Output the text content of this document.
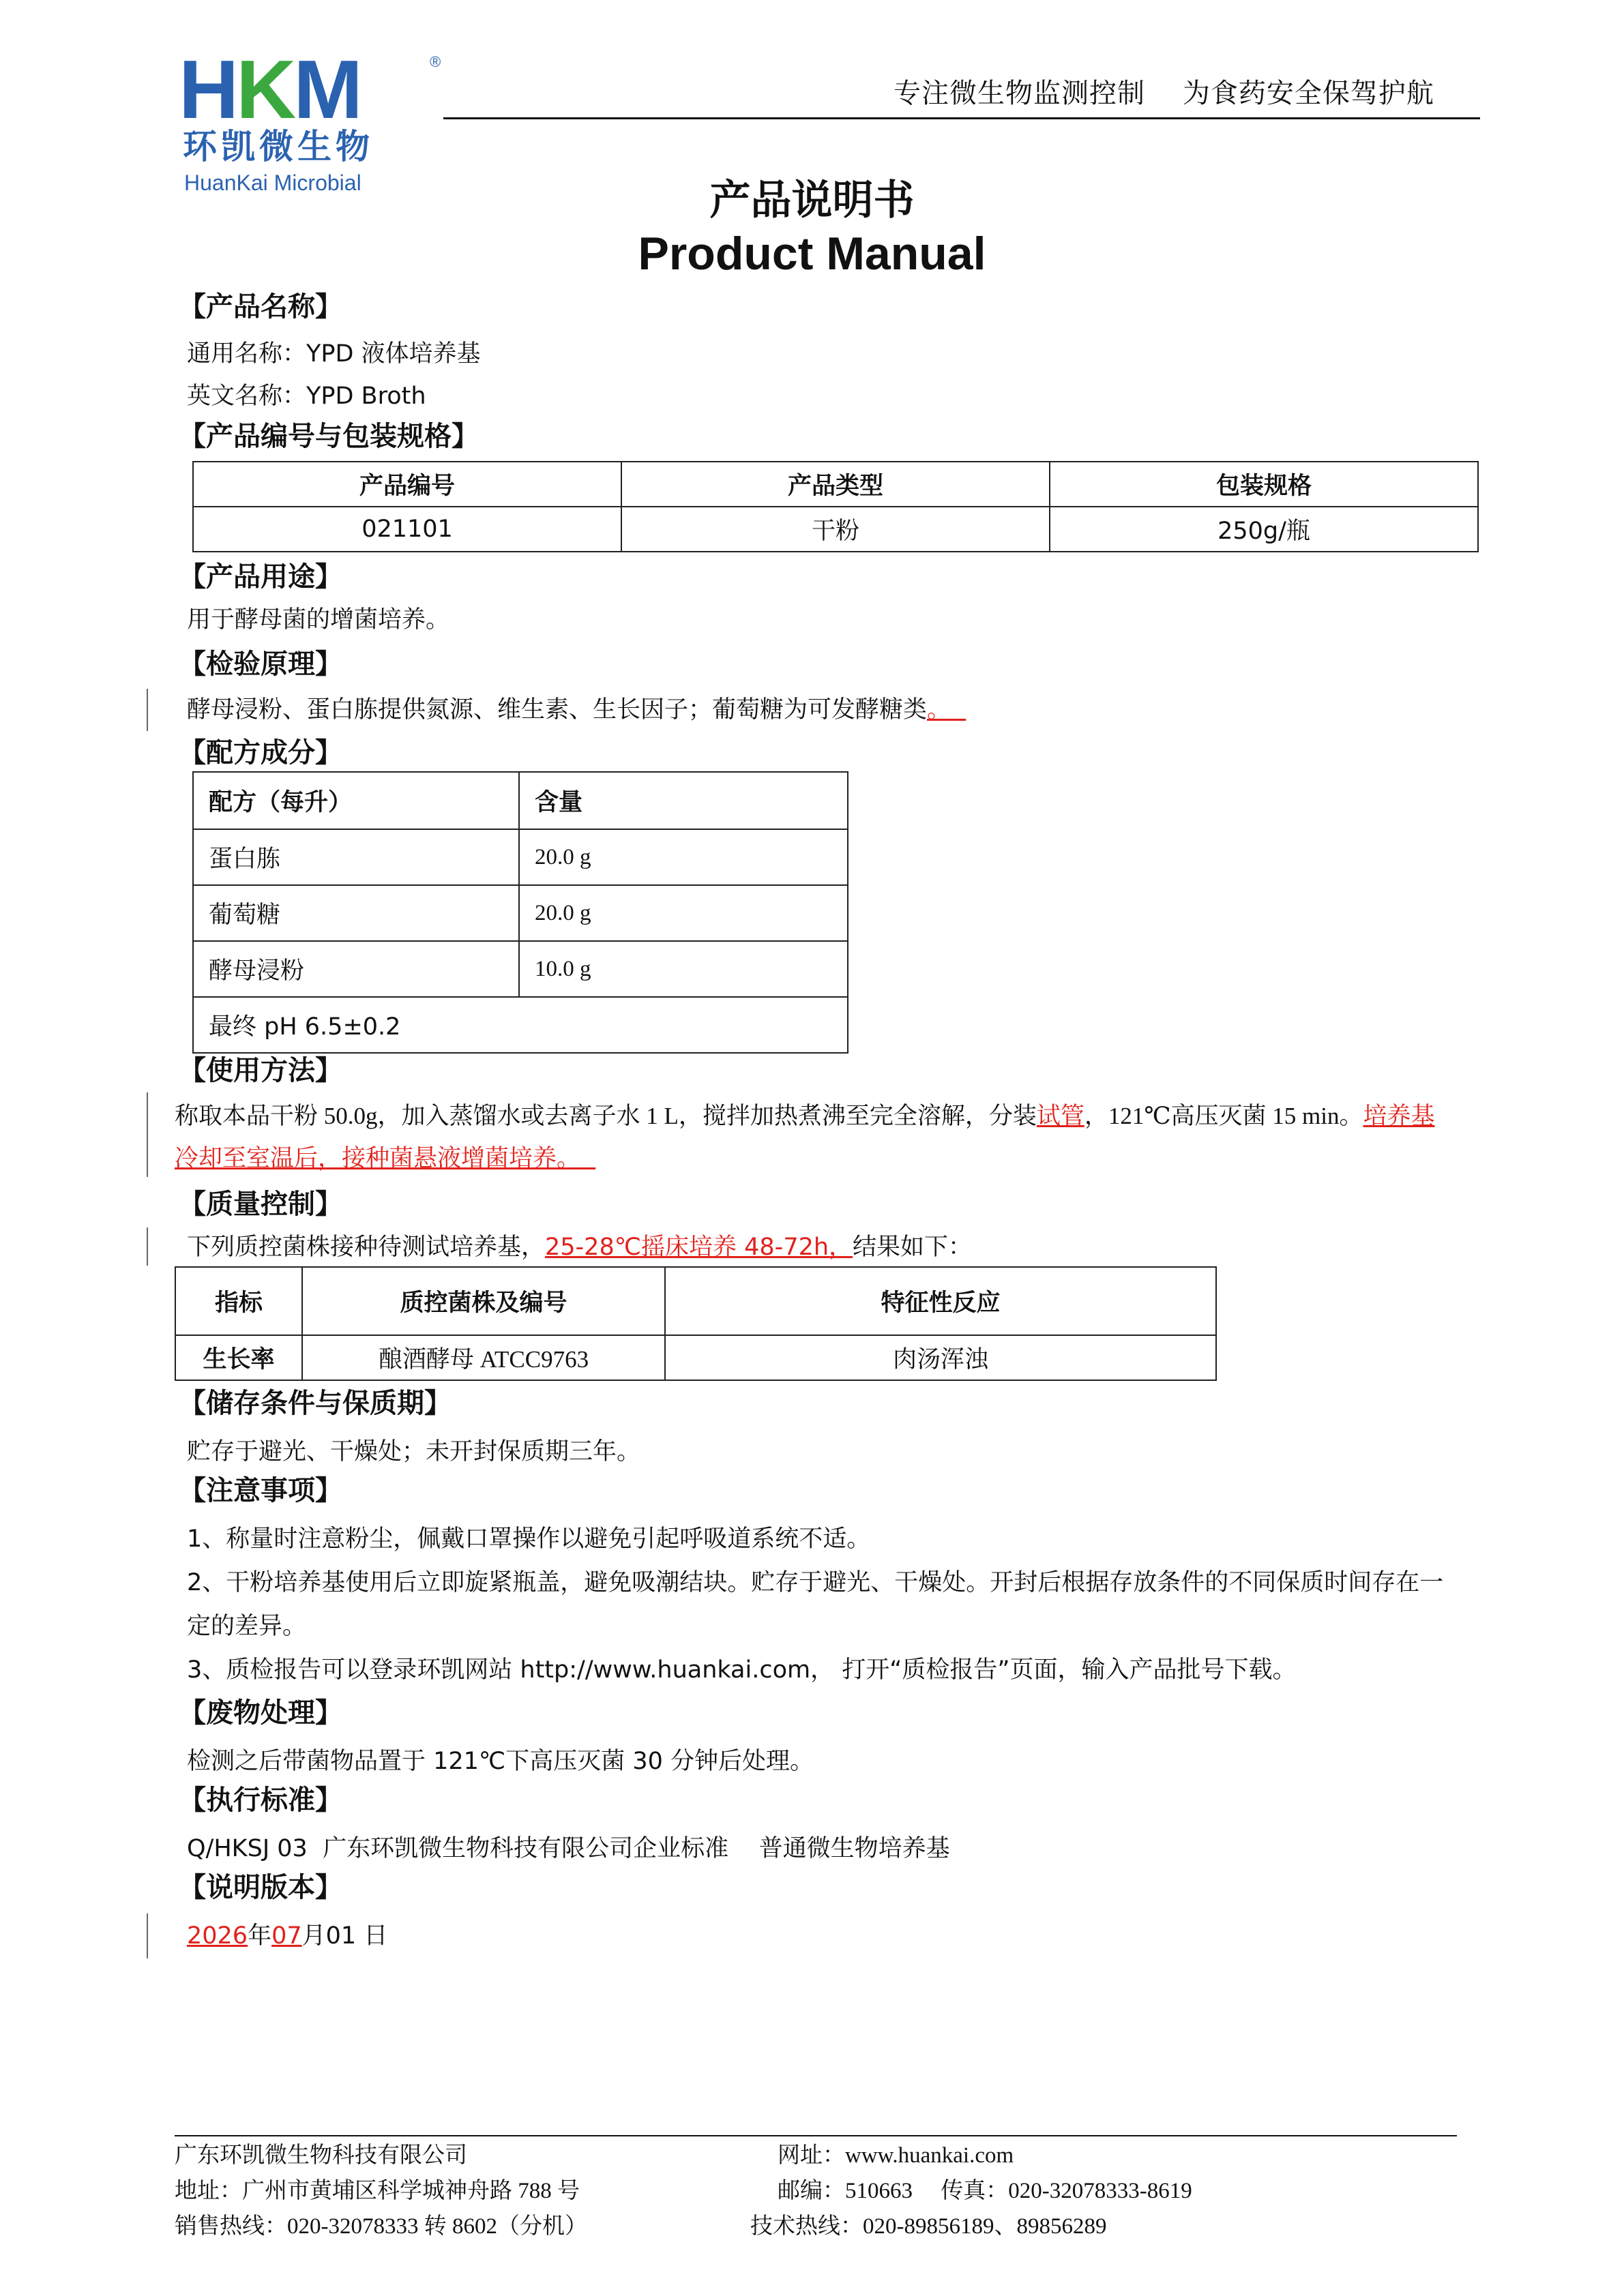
HKM	®
环凯微生物
HuanKai Microbial
专注微生物监测控制    为食药安全保驾护航
产品说明书
Product Manual
【产品名称】
通用名称：YPD 液体培养基
英文名称：YPD Broth
【产品编号与包装规格】
产品编号	产品类型	包装规格
021101	干粉	250g/瓶
【产品用途】
用于酵母菌的增菌培养。
【检验原理】
酵母浸粉、蛋白胨提供氮源、维生素、生长因子；葡萄糖为可发酵糖类。
【配方成分】
配方（每升）	含量
蛋白胨	20.0 g
葡萄糖	20.0 g
酵母浸粉	10.0 g
最终 pH 6.5±0.2	
【使用方法】
称取本品干粉 50.0g，加入蒸馏水或去离子水 1 L，搅拌加热煮沸至完全溶解，分装试管，121℃高压灭菌 15 min。培养基
冷却至室温后，接种菌悬液增菌培养。
【质量控制】
下列质控菌株接种待测试培养基，25-28℃摇床培养 48-72h，结果如下：
指标	质控菌株及编号	特征性反应
生长率	酿酒酵母 ATCC9763	肉汤浑浊
【储存条件与保质期】
贮存于避光、干燥处；未开封保质期三年。
【注意事项】
1、称量时注意粉尘，佩戴口罩操作以避免引起呼吸道系统不适。
2、干粉培养基使用后立即旋紧瓶盖，避免吸潮结块。贮存于避光、干燥处。开封后根据存放条件的不同保质时间存在一
定的差异。
3、质检报告可以登录环凯网站 http://www.huankai.com， 打开“质检报告”页面，输入产品批号下载。
【废物处理】
检测之后带菌物品置于 121℃下高压灭菌 30 分钟后处理。
【执行标准】
Q/HKSJ 03  广东环凯微生物科技有限公司企业标准    普通微生物培养基
【说明版本】
2026年07月01 日
广东环凯微生物科技有限公司
地址：广州市黄埔区科学城神舟路 788 号
销售热线：020-32078333 转 8602（分机）
网址：www.huankai.com
邮编：510663     传真：020-32078333-8619
技术热线：020-89856189、89856289
